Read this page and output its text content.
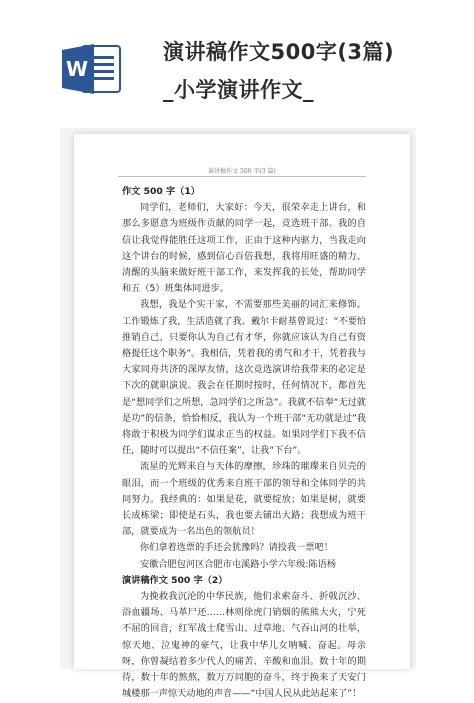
W
演讲稿作文500字(3篇)
_小学演讲作文_
演讲稿作文 500 字(3 篇)

作文 500 字（1）

同学们，老师们，大家好：今天，很荣幸走上讲台，和那么多愿意为班级作贡献的同学一起，竞选班干部。我的自信让我觉得能胜任这项工作，正由于这种内驱力，当我走向这个讲台的时候，感到信心百倍我想，我将用旺盛的精力、清醒的头脑来做好班干部工作，来发挥我的长处，帮助同学和五（5）班集体同进步。

我想，我是个实干家，不需要那些美丽的词汇来修饰。工作锻炼了我，生活造就了我。戴尔卡耐基曾说过：“不要怕推销自己，只要你认为自己有才华，你就应该认为自己有资格提任这个职务”。我相信，凭着我的勇气和才干，凭着我与大家同舟共济的深厚友情，这次竞选演讲给我带来的必定是下次的就职演说。我会在任期时按时，任何情况下，都首先是“想同学们之所想，急同学们之所急”。我就不信奉“无过就是功”的信条，恰恰相反，我认为一个班干部“无功就是过”我将敢于积极为同学们谋求正当的权益。如果同学们下我不信任，随时可以提出“不信任案”，让我“下台”。

流星的光辉来自与天体的摩擦，珍珠的璀璨来自贝壳的眼泪，而一个班级的优秀来自班干部的领导和全体同学的共同努力。我经典的：如果是花，就要绽放；如果是树，就要长成栋梁；即使是石头，我也要去铺出大路；我想成为班干部，就要成为一名出色的领航员！

你们拿着选票的手还会犹豫吗？请投我一票吧！

安徽合肥包河区合肥市屯溪路小学六年级:陈语杨

演讲稿作文 500 字（2）

为挽救我沉沦的中华民族，他们求索奋斗、折戟沉沙、浴血疆场、马革尸还……林则徐虎门销烟的熊熊大火，宁死不屈的回音，红军战士爬雪山、过草地、气吞山河的壮举，惊天地、泣鬼神的豪气，让我中华儿女呐喊、奋起。母亲呀，你曾凝结着多少代人的痛苦、辛酸和血泪。数十年的期待，数十年的熬熬，数万万同胞的奋斗，终于换来了天安门城楼那一声惊天动地的声音——“中国人民从此站起来了”！
